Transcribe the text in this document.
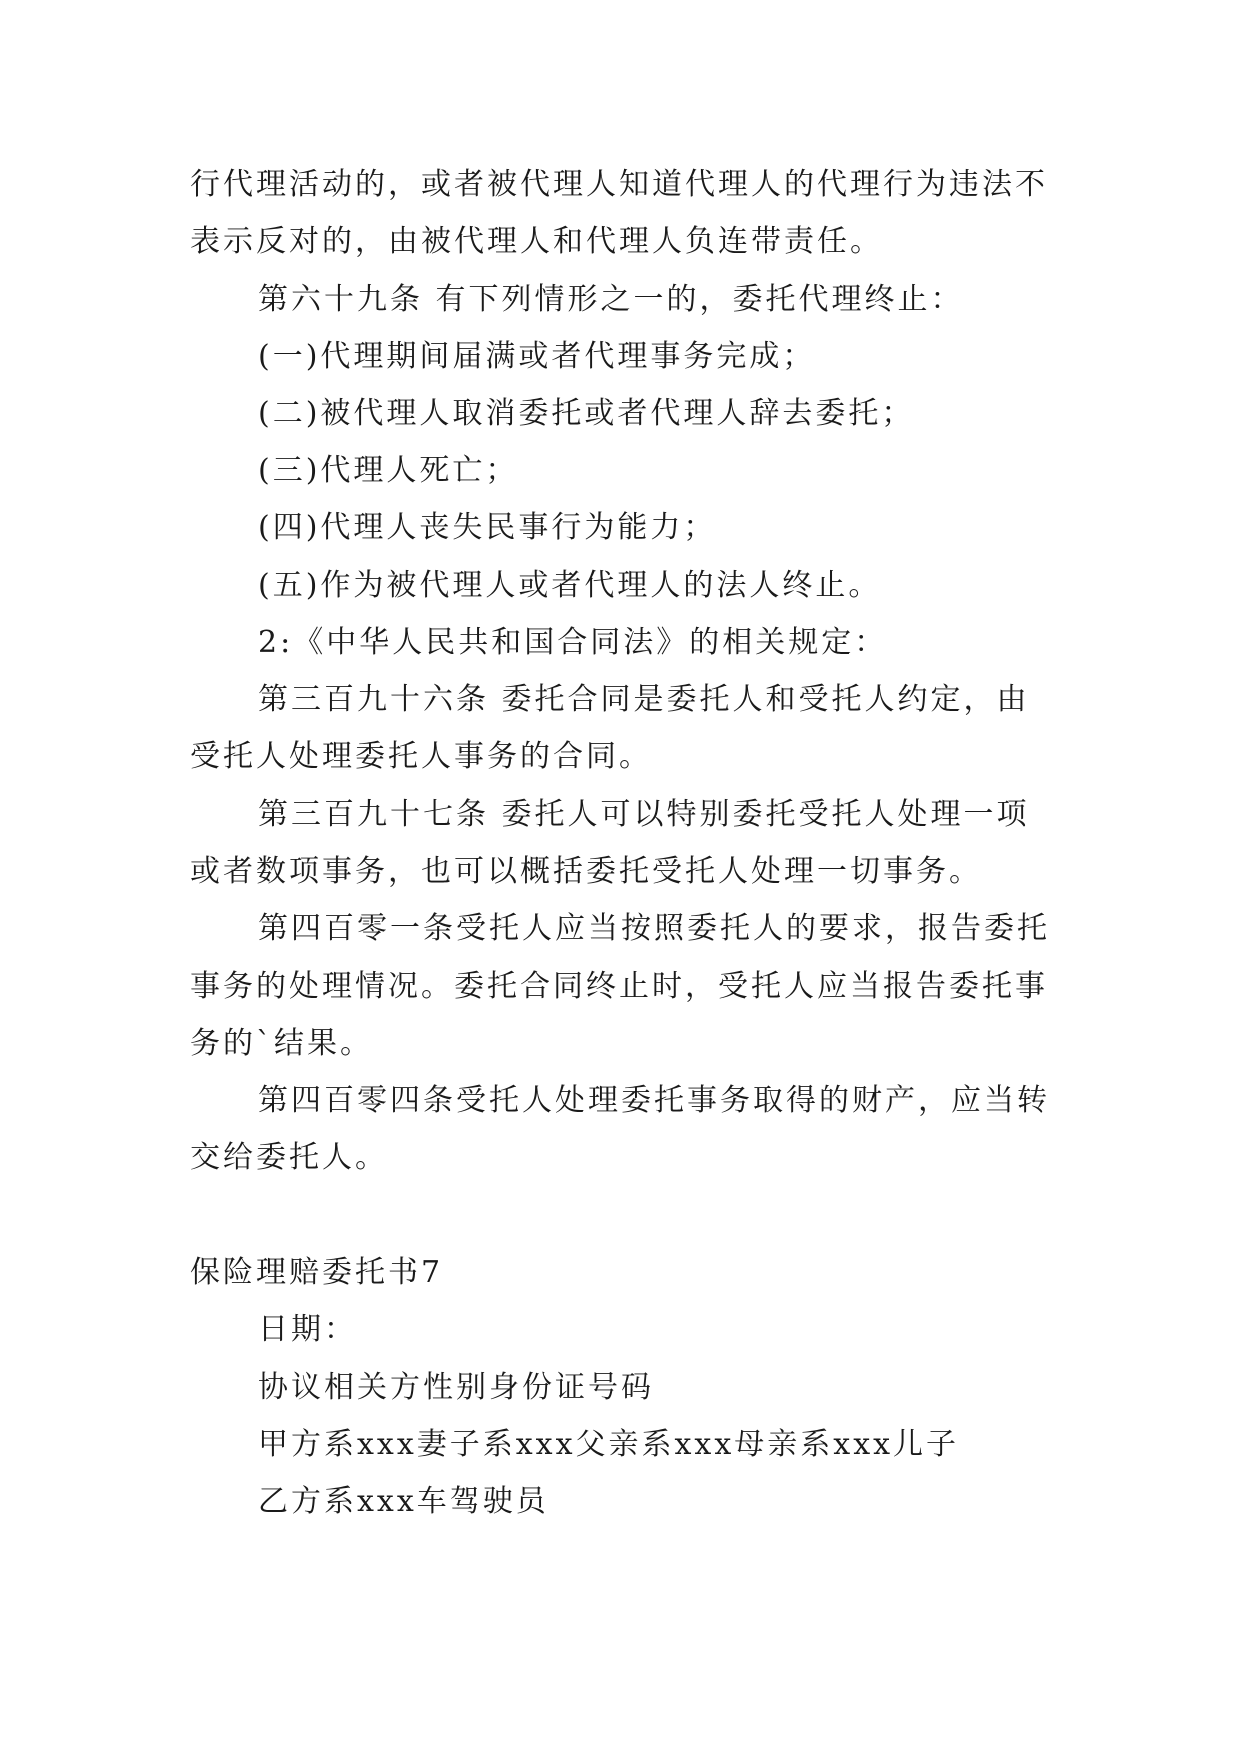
行代理活动的，或者被代理人知道代理人的代理行为违法不
表示反对的，由被代理人和代理人负连带责任。
第六十九条 有下列情形之一的，委托代理终止：
(一)代理期间届满或者代理事务完成；
(二)被代理人取消委托或者代理人辞去委托；
(三)代理人死亡；
(四)代理人丧失民事行为能力；
(五)作为被代理人或者代理人的法人终止。
2:《中华人民共和国合同法》的相关规定：
第三百九十六条 委托合同是委托人和受托人约定，由
受托人处理委托人事务的合同。
第三百九十七条 委托人可以特别委托受托人处理一项
或者数项事务，也可以概括委托受托人处理一切事务。
第四百零一条受托人应当按照委托人的要求，报告委托
事务的处理情况。委托合同终止时，受托人应当报告委托事
务的`结果。
第四百零四条受托人处理委托事务取得的财产，应当转
交给委托人。
保险理赔委托书7
日期：
协议相关方性别身份证号码
甲方系xxx妻子系xxx父亲系xxx母亲系xxx儿子
乙方系xxx车驾驶员
